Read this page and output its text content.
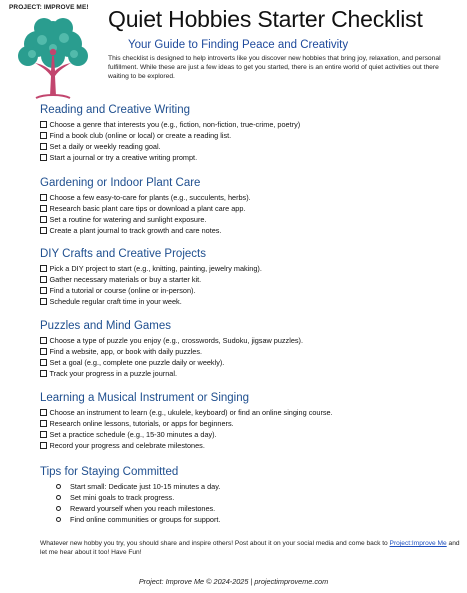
PROJECT: IMPROVE ME! Quiet Hobbies Starter Checklist
Your Guide to Finding Peace and Creativity
This checklist is designed to help introverts like you discover new hobbies that bring joy, relaxation, and personal fulfillment. While these are just a few ideas to get you started, there is an entire world of quiet activities out there waiting to be explored.
Reading and Creative Writing
Choose a genre that interests you (e.g., fiction, non-fiction, true-crime, poetry)
Find a book club (online or local) or create a reading list.
Set a daily or weekly reading goal.
Start a journal or try a creative writing prompt.
Gardening or Indoor Plant Care
Choose a few easy-to-care for plants (e.g., succulents, herbs).
Research basic plant care tips or download a plant care app.
Set a routine for watering and sunlight exposure.
Create a plant journal to track growth and care notes.
DIY Crafts and Creative Projects
Pick a DIY project to start (e.g., knitting, painting, jewelry making).
Gather necessary materials or buy a starter kit.
Find a tutorial or course (online or in-person).
Schedule regular craft time in your week.
Puzzles and Mind Games
Choose a type of puzzle you enjoy (e.g., crosswords, Sudoku, jigsaw puzzles).
Find a website, app, or book with daily puzzles.
Set a goal (e.g., complete one puzzle daily or weekly).
Track your progress in a puzzle journal.
Learning a Musical Instrument or Singing
Choose an instrument to learn (e.g., ukulele, keyboard) or find an online singing course.
Research online lessons, tutorials, or apps for beginners.
Set a practice schedule (e.g., 15-30 minutes a day).
Record your progress and celebrate milestones.
Tips for Staying Committed
Start small: Dedicate just 10-15 minutes a day.
Set mini goals to track progress.
Reward yourself when you reach milestones.
Find online communities or groups for support.
Whatever new hobby you try, you should share and inspire others! Post about it on your social media and come back to Project:Improve Me and let me hear about it too! Have Fun!
Project: Improve Me © 2024-2025 | projectimproveme.com
